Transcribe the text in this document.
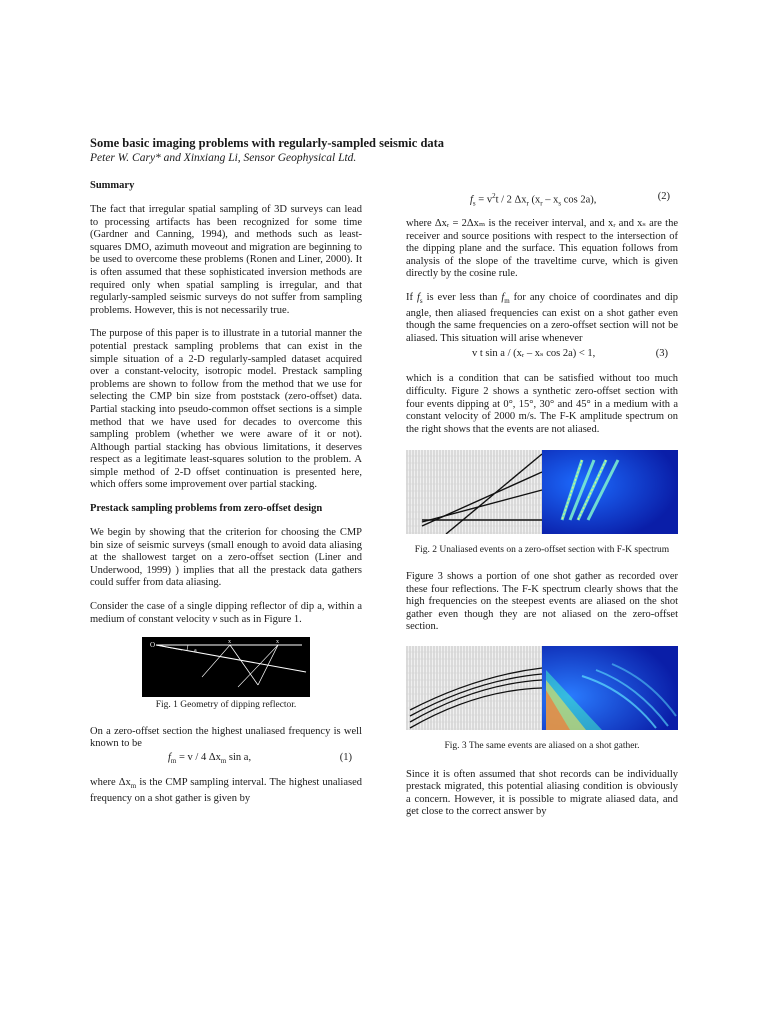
Some basic imaging problems with regularly-sampled seismic data
Peter W. Cary* and Xinxiang Li, Sensor Geophysical Ltd.
Summary

The fact that irregular spatial sampling of 3D surveys can lead to processing artifacts has been recognized for some time (Gardner and Canning, 1994), and methods such as least-squares DMO, azimuth moveout and migration are beginning to be used to overcome these problems (Ronen and Liner, 2000). It is often assumed that these sophisticated inversion methods are required only when spatial sampling is irregular, and that regularly-sampled seismic surveys do not suffer from sampling problems. However, this is not necessarily true.

The purpose of this paper is to illustrate in a tutorial manner the potential prestack sampling problems that can exist in the simple situation of a 2-D regularly-sampled dataset acquired over a constant-velocity, isotropic model. Prestack sampling problems are shown to follow from the method that we use for selecting the CMP bin size from poststack (zero-offset) data. Partial stacking into pseudo-common offset sections is a simple method that we have used for decades to overcome this sampling problem (whether we were aware of it or not). Although partial stacking has obvious limitations, it deserves respect as a legitimate least-squares solution to the problem. A simple method of 2-D offset continuation is presented here, which offers some improvement over partial stacking.

Prestack sampling problems from zero-offset design

We begin by showing that the criterion for choosing the CMP bin size of seismic surveys (small enough to avoid data aliasing at the shallowest target on a zero-offset section (Liner and Underwood, 1999) ) implies that all the prestack data gathers could suffer from data aliasing.

Consider the case of a single dipping reflector of dip a, within a medium of constant velocity v such as in Figure 1.

O
a
x	x

Fig. 1 Geometry of dipping reflector.

On a zero-offset section the highest unaliased frequency is well known to be

$f_m = v / 4$ $\Delta x_m$ sin a,	(1)

where $\Delta x_m$ is the CMP sampling interval. The highest unaliased frequency on a shot gather is given by

$f_s = v^2t / 2$ $\Delta x_r$ ($x_r - x_s$ cos 2a),	(2)

where Δxᵣ = 2Δxₘ is the receiver interval, and xᵣ and xₛ are the receiver and source positions with respect to the intersection of the dipping plane and the surface. This equation follows from analysis of the slope of the traveltime curve, which is given directly by the cosine rule.

If $f_s$ is ever less than $f_m$ for any choice of coordinates and dip angle, then aliased frequencies can exist on a shot gather even though the same frequencies on a zero-offset section will not be aliased. This situation will arise whenever

v t sin a / (xᵣ – xₛ cos 2a) < 1,	(3)

which is a condition that can be satisfied without too much difficulty. Figure 2 shows a synthetic zero-offset section with four events dipping at 0°, 15°, 30° and 45° in a medium with a constant velocity of 2000 m/s. The F-K amplitude spectrum on the right shows that the events are not aliased.

Fig. 2 Unaliased events on a zero-offset section with F-K spectrum

Figure 3 shows a portion of one shot gather as recorded over these four reflections. The F-K spectrum clearly shows that the high frequencies on the steepest events are aliased on the shot gather even though they are not aliased on the zero-offset section.

Fig. 3 The same events are aliased on a shot gather.

Since it is often assumed that shot records can be individually prestack migrated, this potential aliasing condition is obviously a concern. However, it is possible to migrate aliased data, and get close to the correct answer by
